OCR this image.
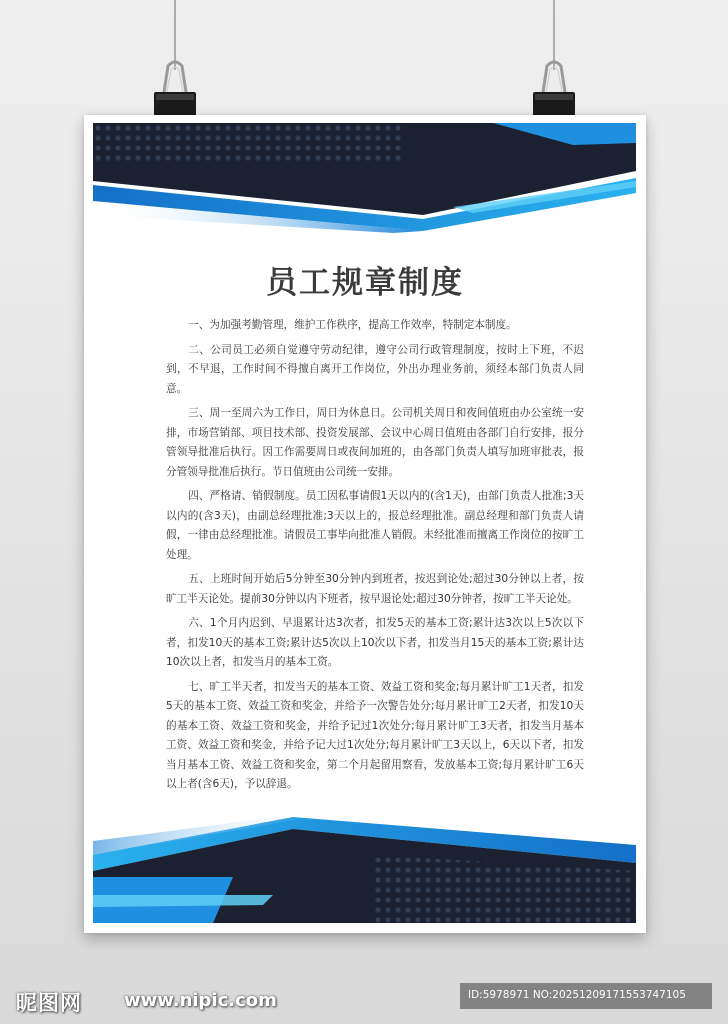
员工规章制度

一、为加强考勤管理，维护工作秩序，提高工作效率，特制定本制度。

二、公司员工必须自觉遵守劳动纪律，遵守公司行政管理制度，按时上下班，不迟到，不早退，工作时间不得擅自离开工作岗位，外出办理业务前，须经本部门负责人同意。

三、周一至周六为工作日，周日为休息日。公司机关周日和夜间值班由办公室统一安排，市场营销部、项目技术部、投资发展部、会议中心周日值班由各部门自行安排，报分管领导批准后执行。因工作需要周日或夜间加班的，由各部门负责人填写加班审批表，报分管领导批准后执行。节日值班由公司统一安排。

四、严格请、销假制度。员工因私事请假1天以内的(含1天)，由部门负责人批准;3天以内的(含3天)，由副总经理批准;3天以上的，报总经理批准。副总经理和部门负责人请假，一律由总经理批准。请假员工事毕向批准人销假。未经批准而擅离工作岗位的按旷工处理。

五、上班时间开始后5分钟至30分钟内到班者，按迟到论处;超过30分钟以上者，按旷工半天论处。提前30分钟以内下班者，按早退论处;超过30分钟者，按旷工半天论处。

六、1个月内迟到、早退累计达3次者，扣发5天的基本工资;累计达3次以上5次以下者，扣发10天的基本工资;累计达5次以上10次以下者，扣发当月15天的基本工资;累计达10次以上者，扣发当月的基本工资。

七、旷工半天者，扣发当天的基本工资、效益工资和奖金;每月累计旷工1天者，扣发5天的基本工资、效益工资和奖金，并给予一次警告处分;每月累计旷工2天者，扣发10天的基本工资、效益工资和奖金，并给予记过1次处分;每月累计旷工3天者，扣发当月基本工资、效益工资和奖金，并给予记大过1次处分;每月累计旷工3天以上，6天以下者，扣发当月基本工资、效益工资和奖金，第二个月起留用察看，发放基本工资;每月累计旷工6天以上者(含6天)，予以辞退。

昵图网 www.nipic.com	ID:5978971 NO:20251209171553747105
